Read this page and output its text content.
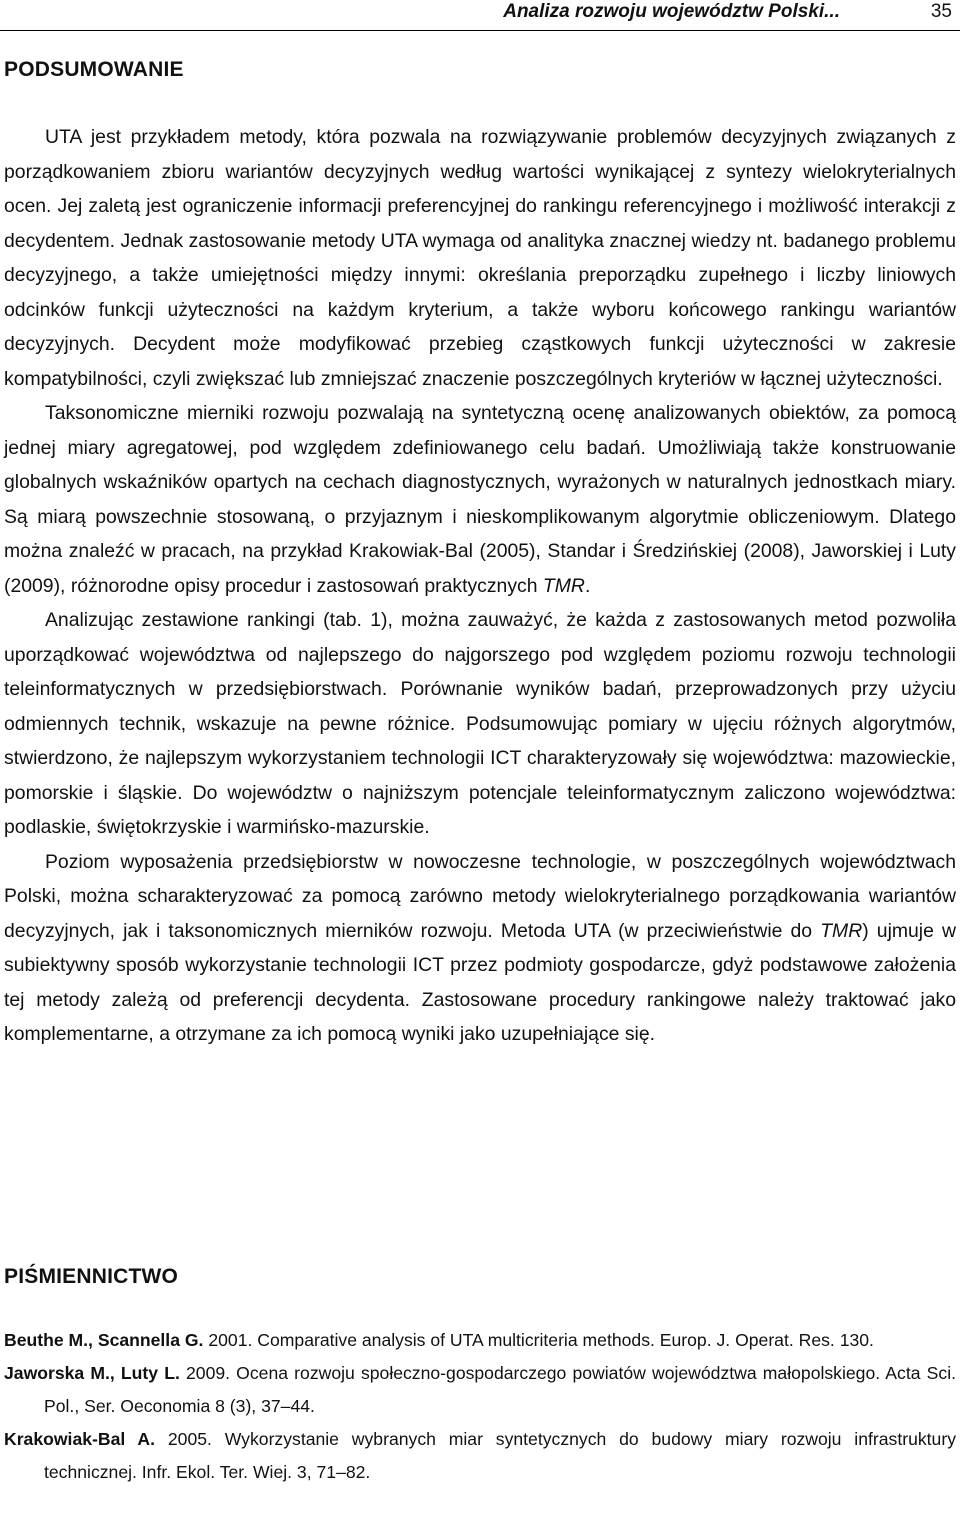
Analiza rozwoju województw Polski...	35
PODSUMOWANIE

UTA jest przykładem metody, która pozwala na rozwiązywanie problemów decyzyjnych związanych z porządkowaniem zbioru wariantów decyzyjnych według wartości wynikającej z syntezy wielokryterialnych ocen. Jej zaletą jest ograniczenie informacji preferencyjnej do rankingu referencyjnego i możliwość interakcji z decydentem. Jednak zastosowanie metody UTA wymaga od analityka znacznej wiedzy nt. badanego problemu decyzyjnego, a także umiejętności między innymi: określania preporządku zupełnego i liczby liniowych odcinków funkcji użyteczności na każdym kryterium, a także wyboru końcowego rankingu wariantów decyzyjnych. Decydent może modyfikować przebieg cząstkowych funkcji użyteczności w zakresie kompatybilności, czyli zwiększać lub zmniejszać znaczenie poszczególnych kryteriów w łącznej użyteczności.

Taksonomiczne mierniki rozwoju pozwalają na syntetyczną ocenę analizowanych obiektów, za pomocą jednej miary agregatowej, pod względem zdefiniowanego celu badań. Umożliwiają także konstruowanie globalnych wskaźników opartych na cechach diagnostycznych, wyrażonych w naturalnych jednostkach miary. Są miarą powszechnie stosowaną, o przyjaznym i nieskomplikowanym algorytmie obliczeniowym. Dlatego można znaleźć w pracach, na przykład Krakowiak-Bal (2005), Standar i Średzińskiej (2008), Jaworskiej i Luty (2009), różnorodne opisy procedur i zastosowań praktycznych TMR.

Analizując zestawione rankingi (tab. 1), można zauważyć, że każda z zastosowanych metod pozwoliła uporządkować województwa od najlepszego do najgorszego pod względem poziomu rozwoju technologii teleinformatycznych w przedsiębiorstwach. Porównanie wyników badań, przeprowadzonych przy użyciu odmiennych technik, wskazuje na pewne różnice. Podsumowując pomiary w ujęciu różnych algorytmów, stwierdzono, że najlepszym wykorzystaniem technologii ICT charakteryzowały się województwa: mazowieckie, pomorskie i śląskie. Do województw o najniższym potencjale teleinformatycznym zaliczono województwa: podlaskie, świętokrzyskie i warmińsko-mazurskie.

Poziom wyposażenia przedsiębiorstw w nowoczesne technologie, w poszczególnych województwach Polski, można scharakteryzować za pomocą zarówno metody wielokryterialnego porządkowania wariantów decyzyjnych, jak i taksonomicznych mierników rozwoju. Metoda UTA (w przeciwieństwie do TMR) ujmuje w subiektywny sposób wykorzystanie technologii ICT przez podmioty gospodarcze, gdyż podstawowe założenia tej metody zależą od preferencji decydenta. Zastosowane procedury rankingowe należy traktować jako komplementarne, a otrzymane za ich pomocą wyniki jako uzupełniające się.

PIŚMIENNICTWO

Beuthe M., Scannella G. 2001. Comparative analysis of UTA multicriteria methods. Europ. J. Operat. Res. 130.

Jaworska M., Luty L. 2009. Ocena rozwoju społeczno-gospodarczego powiatów województwa małopolskiego. Acta Sci. Pol., Ser. Oeconomia 8 (3), 37–44.

Krakowiak-Bal A. 2005. Wykorzystanie wybranych miar syntetycznych do budowy miary rozwoju infrastruktury technicznej. Infr. Ekol. Ter. Wiej. 3, 71–82.
